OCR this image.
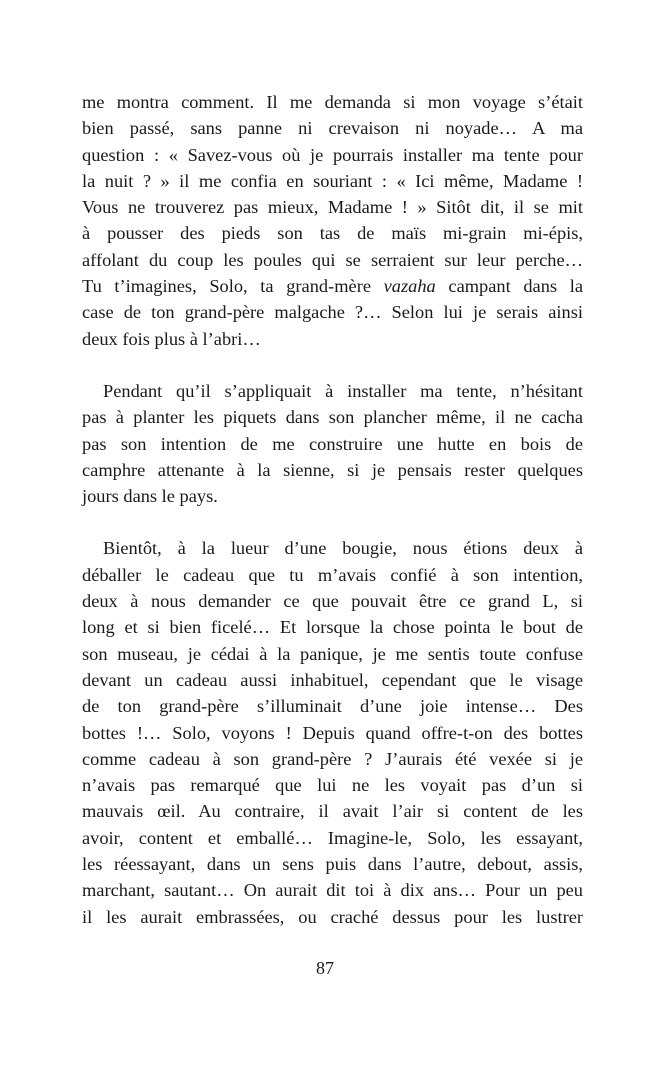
me montra comment. Il me demanda si mon voyage s’était
bien passé, sans panne ni crevaison ni noyade… A ma
question : « Savez-vous où je pourrais installer ma tente pour
la nuit ? » il me confia en souriant : « Ici même, Madame !
Vous ne trouverez pas mieux, Madame ! » Sitôt dit, il se mit
à pousser des pieds son tas de maïs mi-grain mi-épis,
affolant du coup les poules qui se serraient sur leur perche…
Tu t’imagines, Solo, ta grand-mère vazaha campant dans la
case de ton grand-père malgache ?… Selon lui je serais ainsi
deux fois plus à l’abri…
Pendant qu’il s’appliquait à installer ma tente, n’hésitant
pas à planter les piquets dans son plancher même, il ne cacha
pas son intention de me construire une hutte en bois de
camphre attenante à la sienne, si je pensais rester quelques
jours dans le pays.
Bientôt, à la lueur d’une bougie, nous étions deux à
déballer le cadeau que tu m’avais confié à son intention,
deux à nous demander ce que pouvait être ce grand L, si
long et si bien ficelé… Et lorsque la chose pointa le bout de
son museau, je cédai à la panique, je me sentis toute confuse
devant un cadeau aussi inhabituel, cependant que le visage
de ton grand-père s’illuminait d’une joie intense… Des
bottes !… Solo, voyons ! Depuis quand offre-t-on des bottes
comme cadeau à son grand-père ? J’aurais été vexée si je
n’avais pas remarqué que lui ne les voyait pas d’un si
mauvais œil. Au contraire, il avait l’air si content de les
avoir, content et emballé… Imagine-le, Solo, les essayant,
les réessayant, dans un sens puis dans l’autre, debout, assis,
marchant, sautant… On aurait dit toi à dix ans… Pour un peu
il les aurait embrassées, ou craché dessus pour les lustrer
87
